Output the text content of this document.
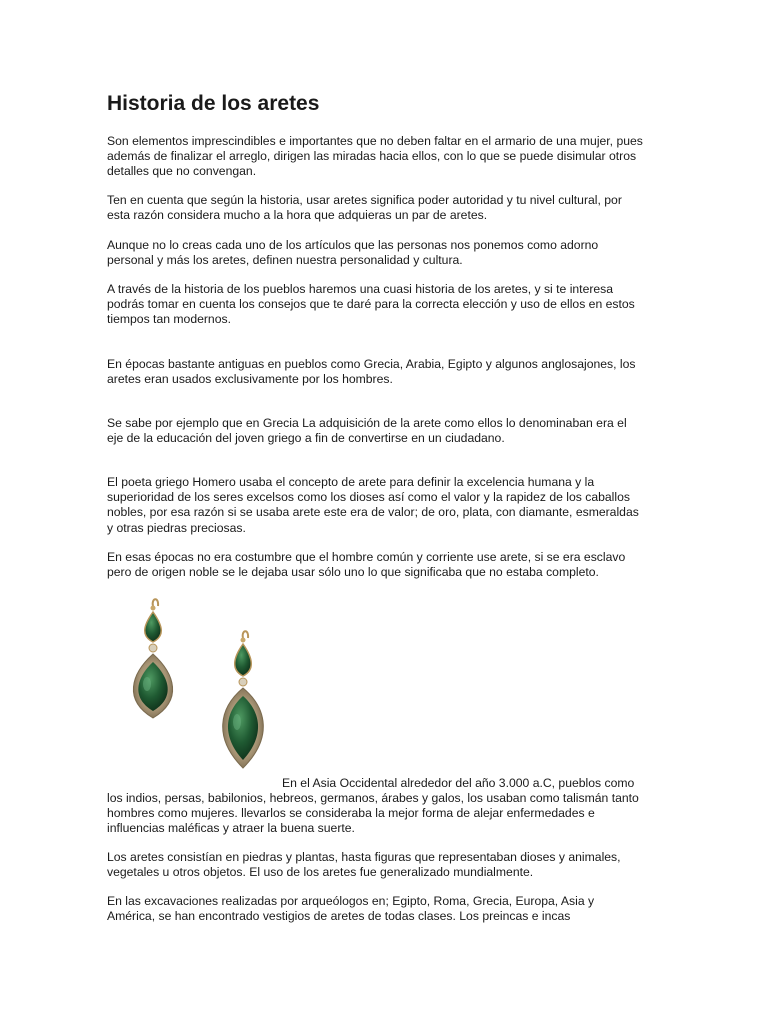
Historia de los aretes

Son elementos imprescindibles e importantes que no deben faltar en el armario de una mujer, pues
además de finalizar el arreglo, dirigen las miradas hacia ellos, con lo que se puede disimular otros
detalles que no convengan.

Ten en cuenta que según la historia, usar aretes significa poder autoridad y tu nivel cultural, por
esta razón considera mucho a la hora que adquieras un par de aretes.

Aunque no lo creas cada uno de los artículos que las personas nos ponemos como adorno
personal y más los aretes, definen nuestra personalidad y cultura.

A través de la historia de los pueblos haremos una cuasi historia de los aretes, y si te interesa
podrás tomar en cuenta los consejos que te daré para la correcta elección y uso de ellos en estos
tiempos tan modernos.

En épocas bastante antiguas en pueblos como Grecia, Arabia, Egipto y algunos anglosajones, los
aretes eran usados exclusivamente por los hombres.

Se sabe por ejemplo que en Grecia La adquisición de la arete como ellos lo denominaban era el
eje de la educación del joven griego a fin de convertirse en un ciudadano.

El poeta griego Homero usaba el concepto de arete para definir la excelencia humana y la
superioridad de los seres excelsos como los dioses así como el valor y la rapidez de los caballos
nobles, por esa razón si se usaba arete este era de valor; de oro, plata, con diamante, esmeraldas
y otras piedras preciosas.

En esas épocas no era costumbre que el hombre común y corriente use arete, si se era esclavo
pero de origen noble se le dejaba usar sólo uno lo que significaba que no estaba completo.

En el Asia Occidental alrededor del año 3.000 a.C, pueblos como

los indios, persas, babilonios, hebreos, germanos, árabes y galos, los usaban como talismán tanto
hombres como mujeres. llevarlos se consideraba la mejor forma de alejar enfermedades e
influencias maléficas y atraer la buena suerte.

Los aretes consistían en piedras y plantas, hasta figuras que representaban dioses y animales,
vegetales u otros objetos. El uso de los aretes fue generalizado mundialmente.

En las excavaciones realizadas por arqueólogos en; Egipto, Roma, Grecia, Europa, Asia y
América, se han encontrado vestigios de aretes de todas clases. Los preincas e incas
